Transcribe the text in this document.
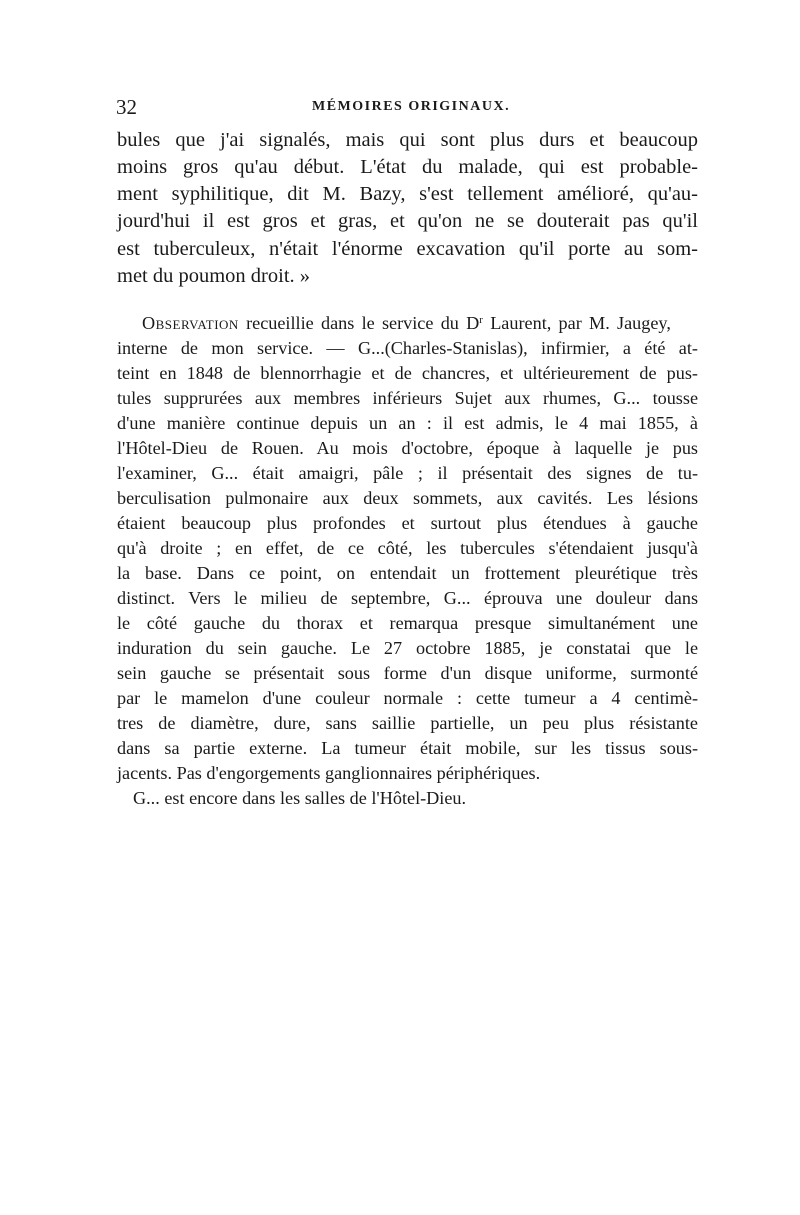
32	MÉMOIRES ORIGINAUX.
bules que j'ai signalés, mais qui sont plus durs et beaucoup
moins gros qu'au début. L'état du malade, qui est probable-
ment syphilitique, dit M. Bazy, s'est tellement amélioré, qu'au-
jourd'hui il est gros et gras, et qu'on ne se douterait pas qu'il
est tuberculeux, n'était l'énorme excavation qu'il porte au som-
met du poumon droit. »
Observation recueillie dans le service du $D^r$ Laurent, par M. Jaugey,
interne de mon service. — G...(Charles-Stanislas), infirmier, a été at-
teint en 1848 de blennorrhagie et de chancres, et ultérieurement de pus-
tules supprurées aux membres inférieurs Sujet aux rhumes, G... tousse
d'une manière continue depuis un an : il est admis, le 4 mai 1855, à
l'Hôtel-Dieu de Rouen. Au mois d'octobre, époque à laquelle je pus
l'examiner, G... était amaigri, pâle ; il présentait des signes de tu-
berculisation pulmonaire aux deux sommets, aux cavités. Les lésions
étaient beaucoup plus profondes et surtout plus étendues à gauche
qu'à droite ; en effet, de ce côté, les tubercules s'étendaient jusqu'à
la base. Dans ce point, on entendait un frottement pleurétique très
distinct. Vers le milieu de septembre, G... éprouva une douleur dans
le côté gauche du thorax et remarqua presque simultanément une
induration du sein gauche. Le 27 octobre 1885, je constatai que le
sein gauche se présentait sous forme d'un disque uniforme, surmonté
par le mamelon d'une couleur normale : cette tumeur a 4 centimè-
tres de diamètre, dure, sans saillie partielle, un peu plus résistante
dans sa partie externe. La tumeur était mobile, sur les tissus sous-
jacents. Pas d'engorgements ganglionnaires périphériques.
G... est encore dans les salles de l'Hôtel-Dieu.
